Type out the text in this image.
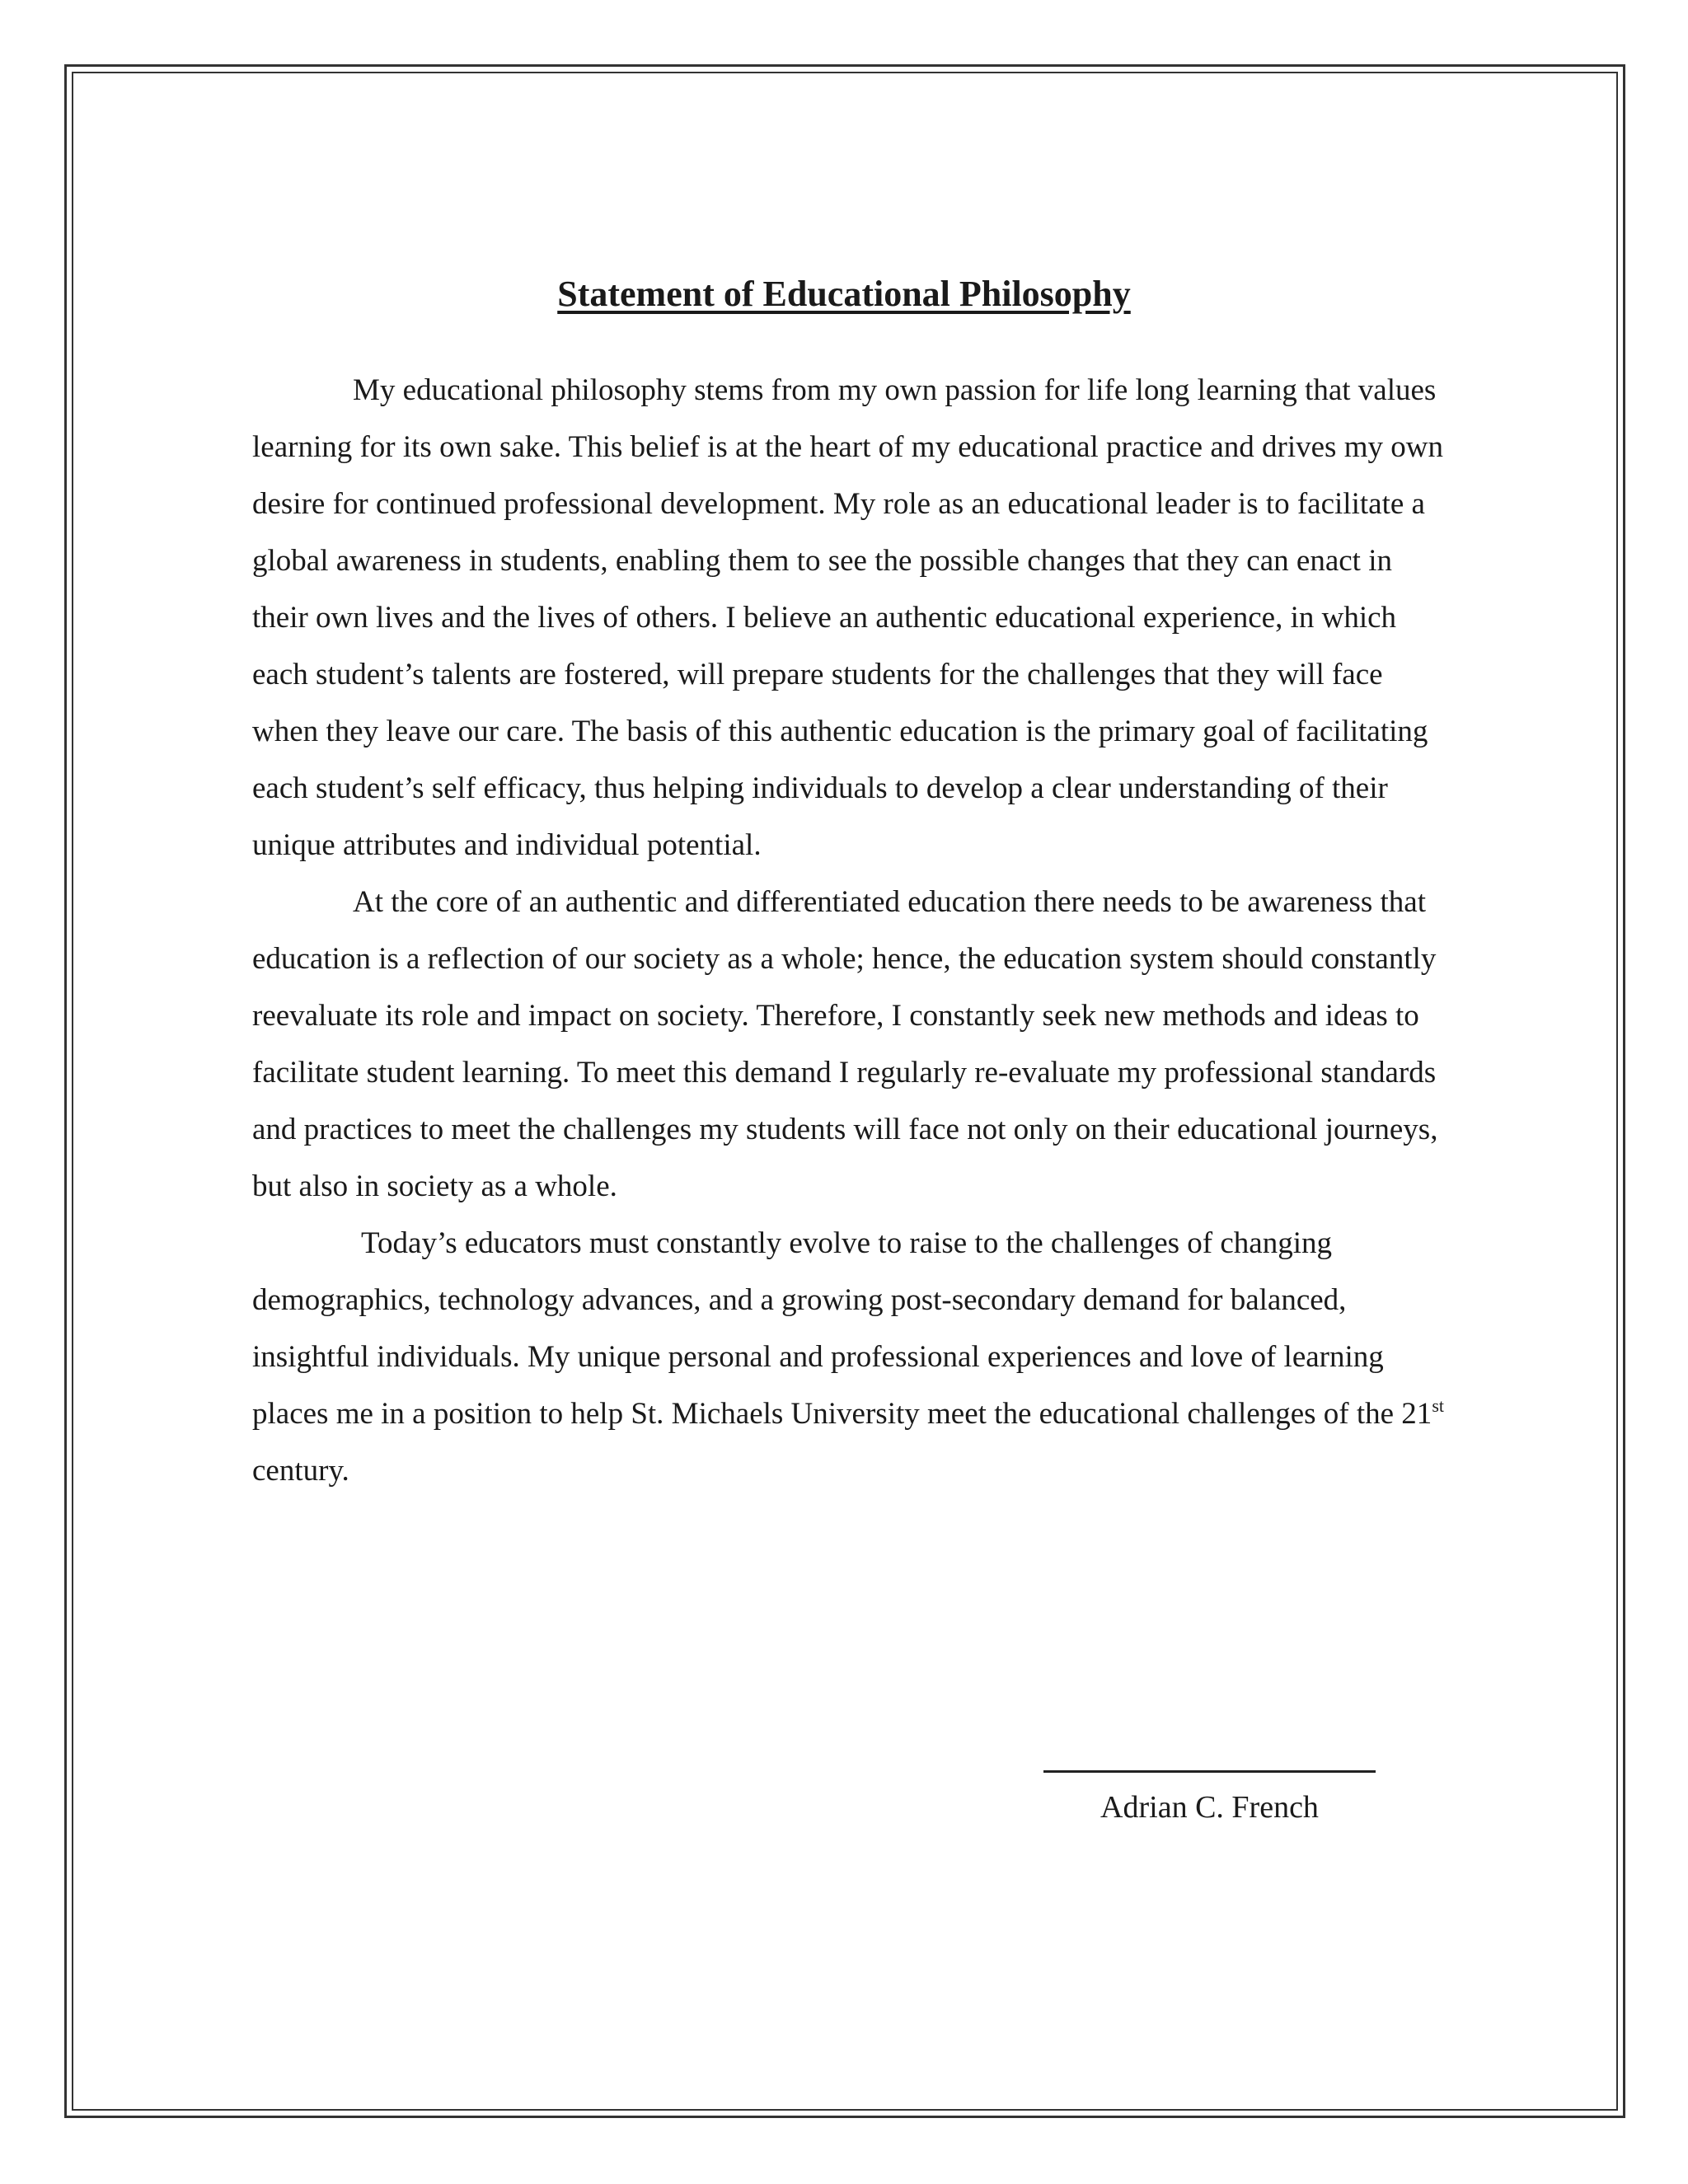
Statement of Educational Philosophy

My educational philosophy stems from my own passion for life long learning that values learning for its own sake. This belief is at the heart of my educational practice and drives my own desire for continued professional development. My role as an educational leader is to facilitate a global awareness in students, enabling them to see the possible changes that they can enact in their own lives and the lives of others. I believe an authentic educational experience, in which each student’s talents are fostered, will prepare students for the challenges that they will face when they leave our care. The basis of this authentic education is the primary goal of facilitating each student’s self efficacy, thus helping individuals to develop a clear understanding of their unique attributes and individual potential.

At the core of an authentic and differentiated education there needs to be awareness that education is a reflection of our society as a whole; hence, the education system should constantly reevaluate its role and impact on society. Therefore, I constantly seek new methods and ideas to facilitate student learning. To meet this demand I regularly re-evaluate my professional standards and practices to meet the challenges my students will face not only on their educational journeys, but also in society as a whole.

Today’s educators must constantly evolve to raise to the challenges of changing demographics, technology advances, and a growing post-secondary demand for balanced, insightful individuals. My unique personal and professional experiences and love of learning places me in a position to help St. Michaels University meet the educational challenges of the 21st century.

Adrian C. French
